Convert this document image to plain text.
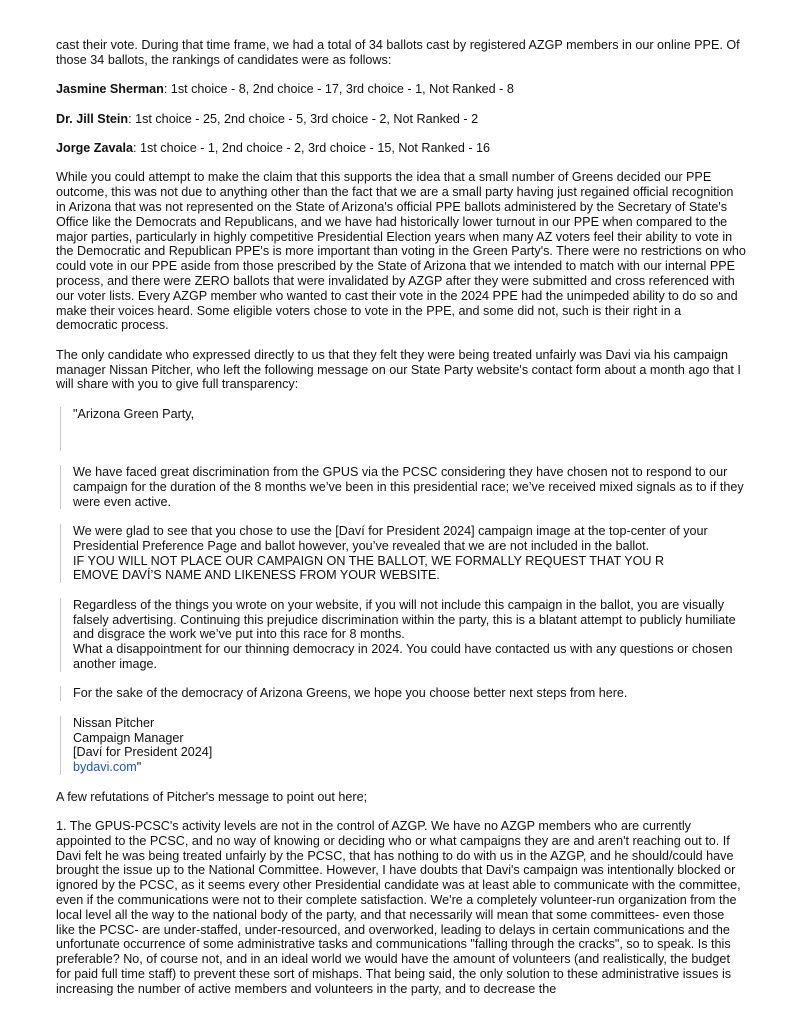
cast their vote. During that time frame, we had a total of 34 ballots cast by registered AZGP members in our online PPE. Of those 34 ballots, the rankings of candidates were as follows:

Jasmine Sherman: 1st choice - 8, 2nd choice - 17, 3rd choice - 1, Not Ranked - 8

Dr. Jill Stein: 1st choice - 25, 2nd choice - 5, 3rd choice - 2, Not Ranked - 2

Jorge Zavala: 1st choice - 1, 2nd choice - 2, 3rd choice - 15, Not Ranked - 16

While you could attempt to make the claim that this supports the idea that a small number of Greens decided our PPE outcome, this was not due to anything other than the fact that we are a small party having just regained official recognition in Arizona that was not represented on the State of Arizona's official PPE ballots administered by the Secretary of State's Office like the Democrats and Republicans, and we have had historically lower turnout in our PPE when compared to the major parties, particularly in highly competitive Presidential Election years when many AZ voters feel their ability to vote in the Democratic and Republican PPE's is more important than voting in the Green Party's. There were no restrictions on who could vote in our PPE aside from those prescribed by the State of Arizona that we intended to match with our internal PPE process, and there were ZERO ballots that were invalidated by AZGP after they were submitted and cross referenced with our voter lists. Every AZGP member who wanted to cast their vote in the 2024 PPE had the unimpeded ability to do so and make their voices heard. Some eligible voters chose to vote in the PPE, and some did not, such is their right in a democratic process.

The only candidate who expressed directly to us that they felt they were being treated unfairly was Davi via his campaign manager Nissan Pitcher, who left the following message on our State Party website's contact form about a month ago that I will share with you to give full transparency:

"Arizona Green Party,

We have faced great discrimination from the GPUS via the PCSC considering they have chosen not to respond to our campaign for the duration of the 8 months we’ve been in this presidential race; we’ve received mixed signals as to if they were even active.

We were glad to see that you chose to use the [Daví for President 2024] campaign image at the top-center of your Presidential Preference Page and ballot however, you’ve revealed that we are not included in the ballot.

IF YOU WILL NOT PLACE OUR CAMPAIGN ON THE BALLOT, WE FORMALLY REQUEST THAT YOU R

EMOVE DAVÍ’S NAME AND LIKENESS FROM YOUR WEBSITE.

Regardless of the things you wrote on your website, if you will not include this campaign in the ballot, you are visually falsely advertising. Continuing this prejudice discrimination within the party, this is a blatant attempt to publicly humiliate and disgrace the work we’ve put into this race for 8 months.

What a disappointment for our thinning democracy in 2024. You could have contacted us with any questions or chosen another image.

For the sake of the democracy of Arizona Greens, we hope you choose better next steps from here.

Nissan Pitcher

Campaign Manager

[Daví for President 2024]

bydavi.com"

A few refutations of Pitcher's message to point out here;

1. The GPUS-PCSC's activity levels are not in the control of AZGP. We have no AZGP members who are currently appointed to the PCSC, and no way of knowing or deciding who or what campaigns they are and aren't reaching out to. If Davi felt he was being treated unfairly by the PCSC, that has nothing to do with us in the AZGP, and he should/could have brought the issue up to the National Committee. However, I have doubts that Davi's campaign was intentionally blocked or ignored by the PCSC, as it seems every other Presidential candidate was at least able to communicate with the committee, even if the communications were not to their complete satisfaction. We're a completely volunteer-run organization from the local level all the way to the national body of the party, and that necessarily will mean that some committees- even those like the PCSC- are under-staffed, under-resourced, and overworked, leading to delays in certain communications and the unfortunate occurrence of some administrative tasks and communications "falling through the cracks", so to speak. Is this preferable? No, of course not, and in an ideal world we would have the amount of volunteers (and realistically, the budget for paid full time staff) to prevent these sort of mishaps. That being said, the only solution to these administrative issues is increasing the number of active members and volunteers in the party, and to decrease the
